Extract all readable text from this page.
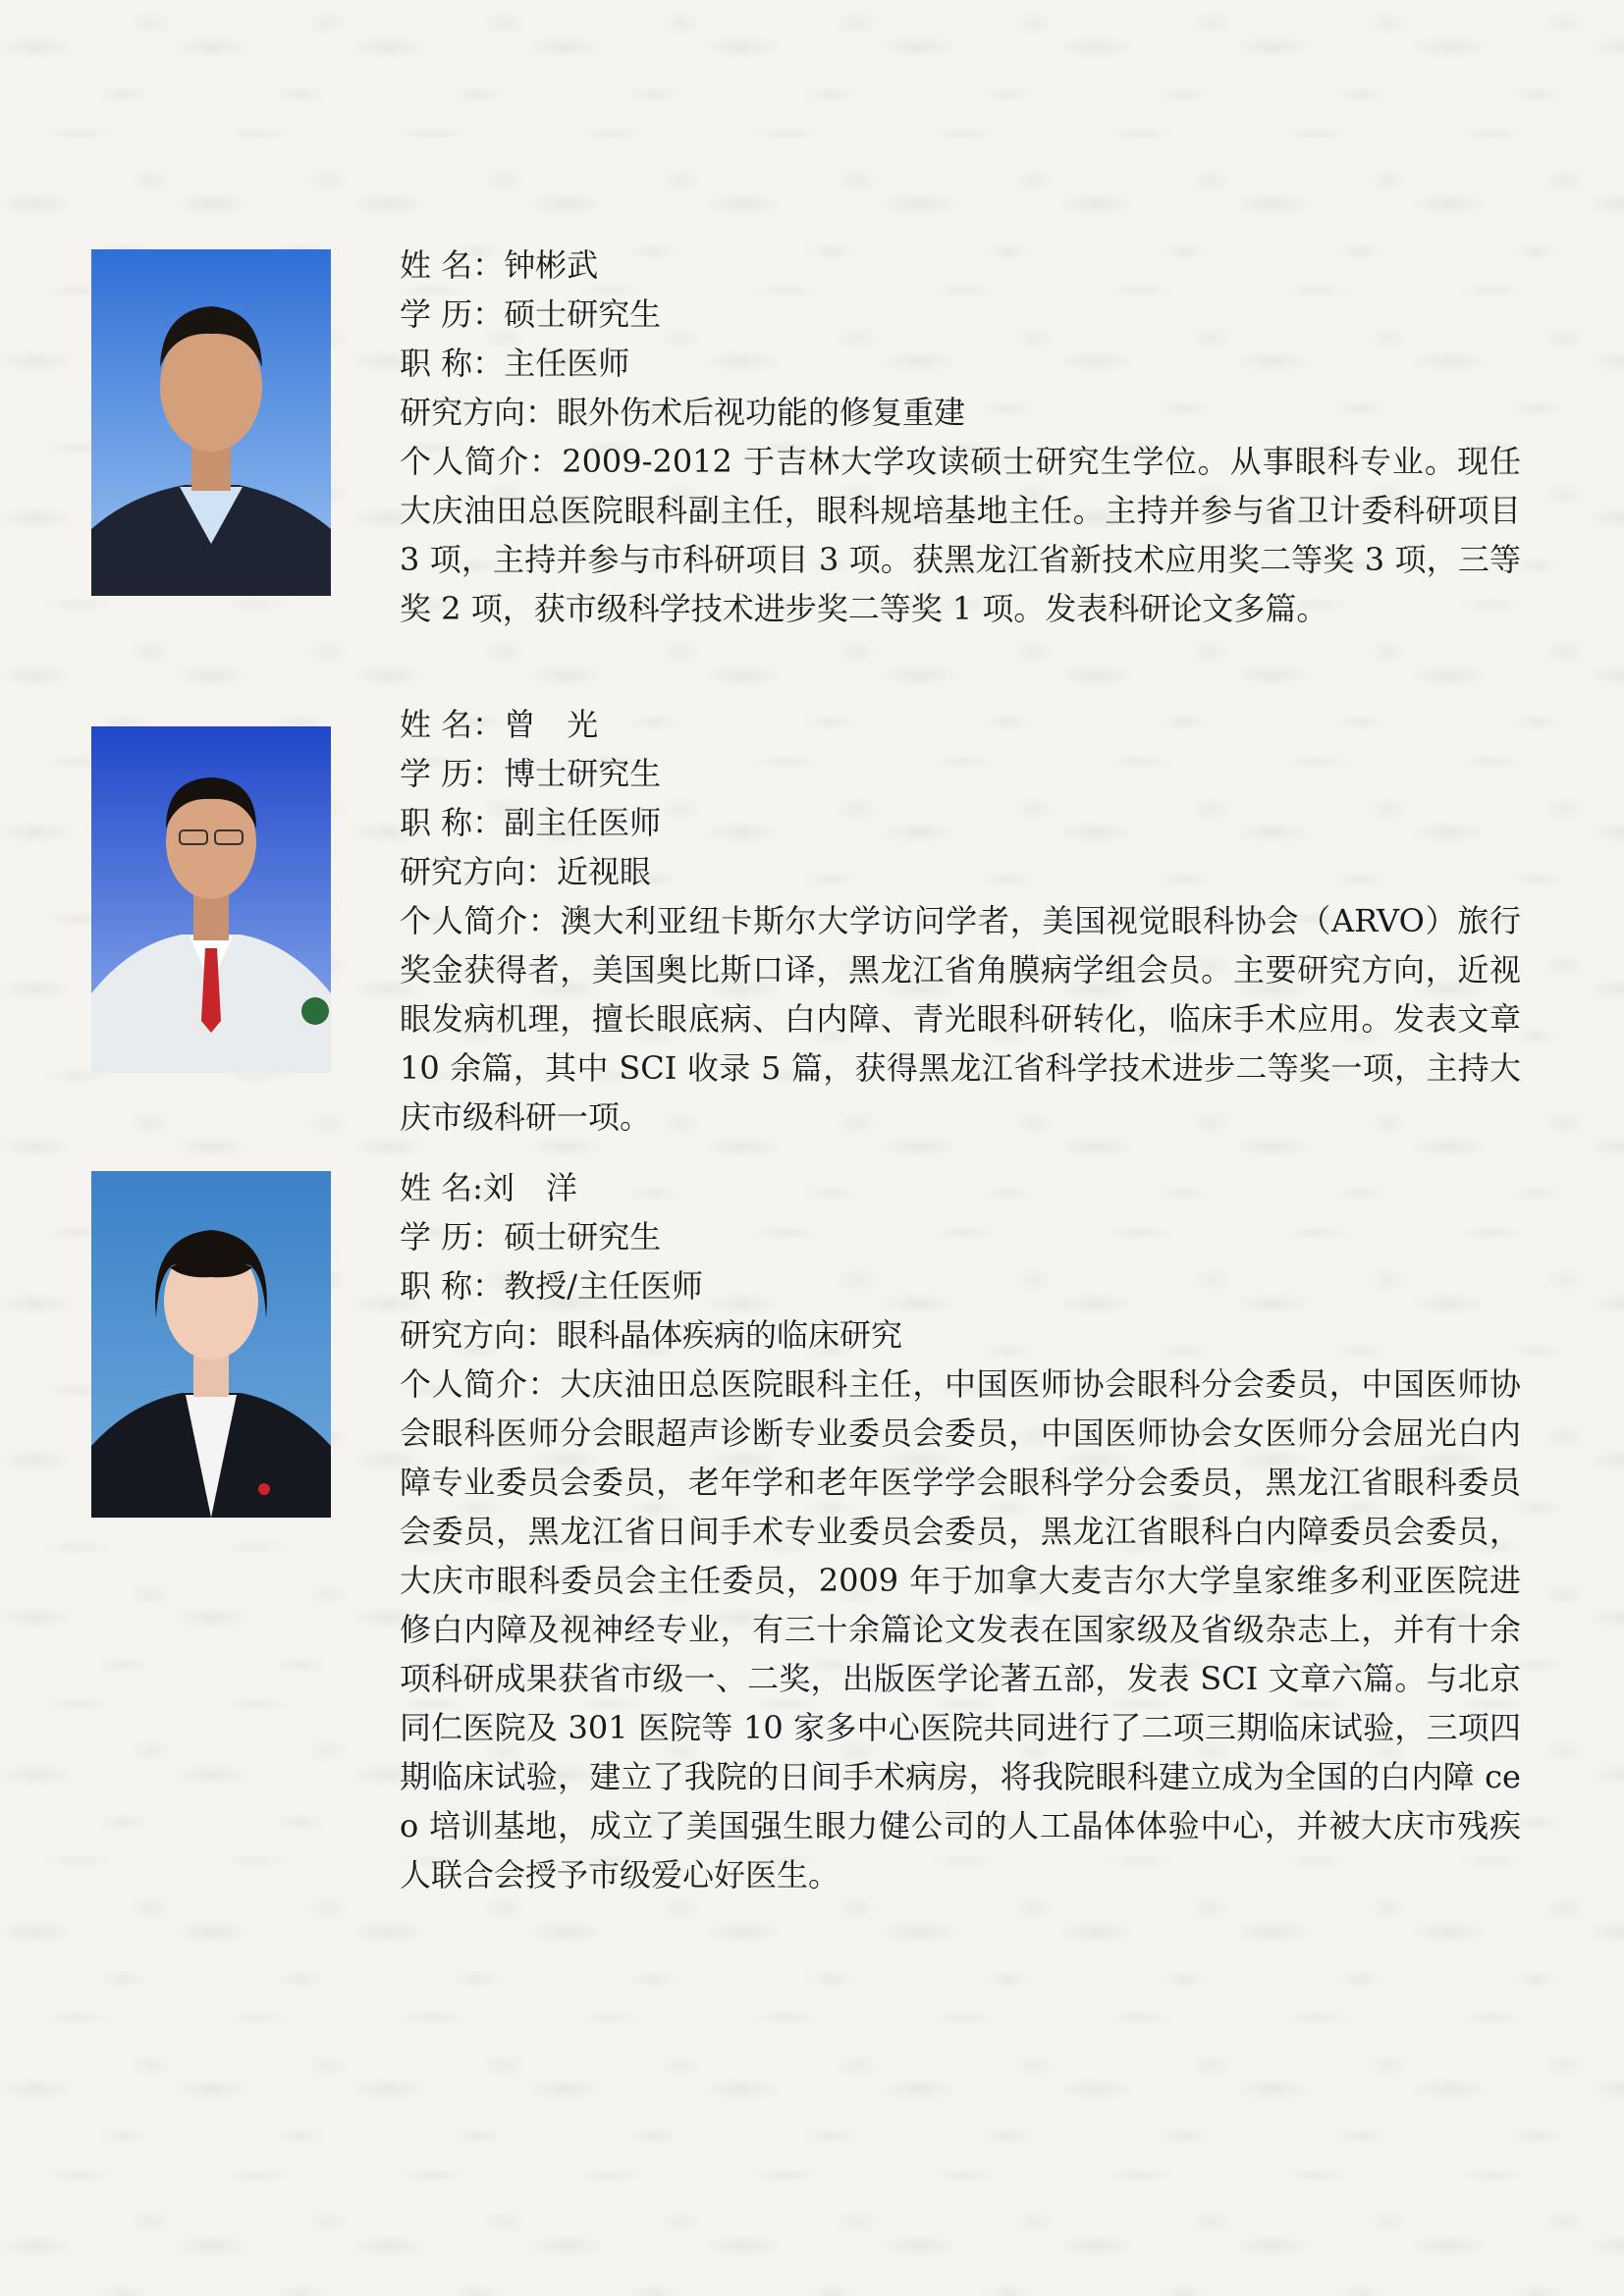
姓 名：钟彬武
学 历：硕士研究生
职 称：主任医师
研究方向：眼外伤术后视功能的修复重建
个人简介：2009-2012 于吉林大学攻读硕士研究生学位。从事眼科专业。现任大庆油田总医院眼科副主任，眼科规培基地主任。主持并参与省卫计委科研项目 3 项，主持并参与市科研项目 3 项。获黑龙江省新技术应用奖二等奖 3 项，三等奖 2 项，获市级科学技术进步奖二等奖 1 项。发表科研论文多篇。
姓 名：曾　光
学 历：博士研究生
职 称：副主任医师
研究方向：近视眼
个人简介：澳大利亚纽卡斯尔大学访问学者，美国视觉眼科协会（ARVO）旅行奖金获得者，美国奥比斯口译，黑龙江省角膜病学组会员。主要研究方向，近视眼发病机理，擅长眼底病、白内障、青光眼科研转化，临床手术应用。发表文章 10 余篇，其中 SCI 收录 5 篇，获得黑龙江省科学技术进步二等奖一项，主持大庆市级科研一项。
姓 名:刘　洋
学 历：硕士研究生
职 称：教授/主任医师
研究方向：眼科晶体疾病的临床研究
个人简介：大庆油田总医院眼科主任，中国医师协会眼科分会委员，中国医师协会眼科医师分会眼超声诊断专业委员会委员，中国医师协会女医师分会屈光白内障专业委员会委员，老年学和老年医学学会眼科学分会委员，黑龙江省眼科委员会委员，黑龙江省日间手术专业委员会委员，黑龙江省眼科白内障委员会委员，大庆市眼科委员会主任委员，2009 年于加拿大麦吉尔大学皇家维多利亚医院进修白内障及视神经专业，有三十余篇论文发表在国家级及省级杂志上，并有十余项科研成果获省市级一、二奖，出版医学论著五部，发表 SCI 文章六篇。与北京同仁医院及 301 医院等 10 家多中心医院共同进行了二项三期临床试验，三项四期临床试验，建立了我院的日间手术病房，将我院眼科建立成为全国的白内障 ceo 培训基地，成立了美国强生眼力健公司的人工晶体体验中心，并被大庆市残疾人联合会授予市级爱心好医生。
